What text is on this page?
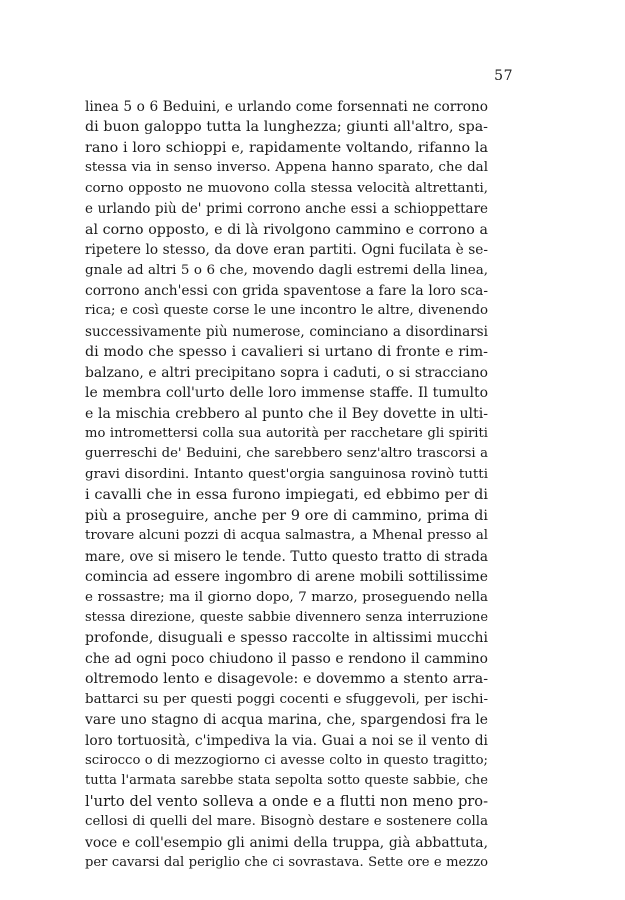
57
linea 5 o 6 Beduini, e urlando come forsennati ne corrono
di buon galoppo tutta la lunghezza; giunti all'altro, spa-
rano i loro schioppi e, rapidamente voltando, rifanno la
stessa via in senso inverso. Appena hanno sparato, che dal
corno opposto ne muovono colla stessa velocità altrettanti,
e urlando più de' primi corrono anche essi a schioppettare
al corno opposto, e di là rivolgono cammino e corrono a
ripetere lo stesso, da dove eran partiti. Ogni fucilata è se-
gnale ad altri 5 o 6 che, movendo dagli estremi della linea,
corrono anch'essi con grida spaventose a fare la loro sca-
rica; e così queste corse le une incontro le altre, divenendo
successivamente più numerose, cominciano a disordinarsi
di modo che spesso i cavalieri si urtano di fronte e rim-
balzano, e altri precipitano sopra i caduti, o si stracciano
le membra coll'urto delle loro immense staffe. Il tumulto
e la mischia crebbero al punto che il Bey dovette in ulti-
mo intromettersi colla sua autorità per racchetare gli spiriti
guerreschi de' Beduini, che sarebbero senz'altro trascorsi a
gravi disordini. Intanto quest'orgia sanguinosa rovinò tutti
i cavalli che in essa furono impiegati, ed ebbimo per di
più a proseguire, anche per 9 ore di cammino, prima di
trovare alcuni pozzi di acqua salmastra, a Mhenal presso al
mare, ove si misero le tende. Tutto questo tratto di strada
comincia ad essere ingombro di arene mobili sottilissime
e rossastre; ma il giorno dopo, 7 marzo, proseguendo nella
stessa direzione, queste sabbie divennero senza interruzione
profonde, disuguali e spesso raccolte in altissimi mucchi
che ad ogni poco chiudono il passo e rendono il cammino
oltremodo lento e disagevole: e dovemmo a stento arra-
battarci su per questi poggi cocenti e sfuggevoli, per ischi-
vare uno stagno di acqua marina, che, spargendosi fra le
loro tortuosità, c'impediva la via. Guai a noi se il vento di
scirocco o di mezzogiorno ci avesse colto in questo tragitto;
tutta l'armata sarebbe stata sepolta sotto queste sabbie, che
l'urto del vento solleva a onde e a flutti non meno pro-
cellosi di quelli del mare. Bisognò destare e sostenere colla
voce e coll'esempio gli animi della truppa, già abbattuta,
per cavarsi dal periglio che ci sovrastava. Sette ore e mezzo
